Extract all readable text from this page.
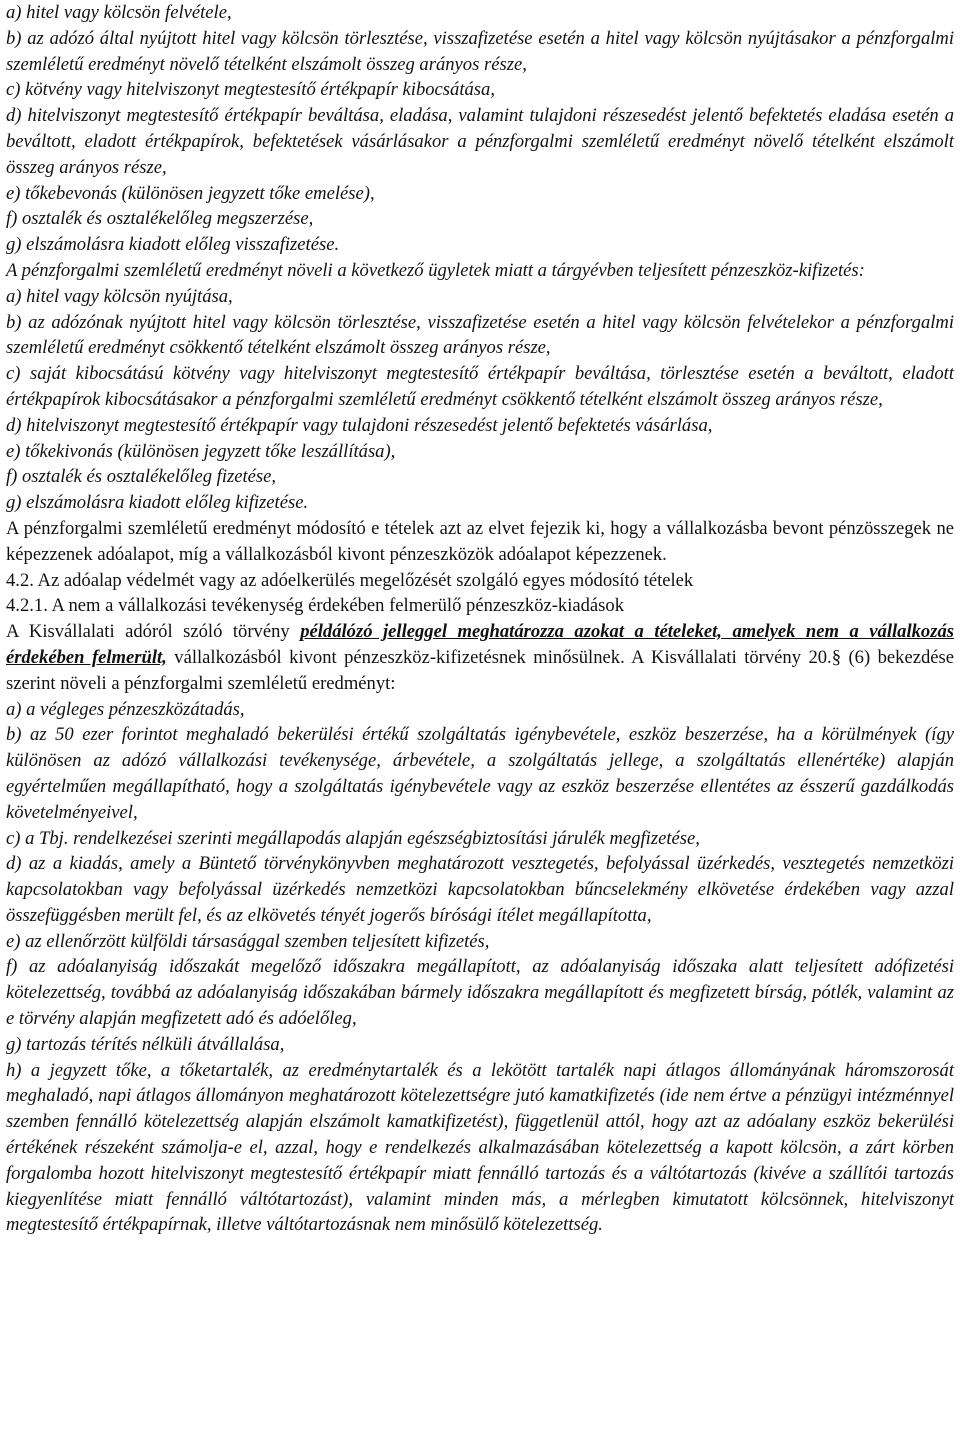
a) hitel vagy kölcsön felvétele,
b) az adózó által nyújtott hitel vagy kölcsön törlesztése, visszafizetése esetén a hitel vagy kölcsön nyújtásakor a pénzforgalmi szemléletű eredményt növelő tételként elszámolt összeg arányos része,
c) kötvény vagy hitelviszonyt megtestesítő értékpapír kibocsátása,
d) hitelviszonyt megtestesítő értékpapír beváltása, eladása, valamint tulajdoni részesedést jelentő befektetés eladása esetén a beváltott, eladott értékpapírok, befektetések vásárlásakor a pénzforgalmi szemléletű eredményt növelő tételként elszámolt összeg arányos része,
e) tőkebevonás (különösen jegyzett tőke emelése),
f) osztalék és osztalékelőleg megszerzése,
g) elszámolásra kiadott előleg visszafizetése.
A pénzforgalmi szemléletű eredményt növeli a következő ügyletek miatt a tárgyévben teljesített pénzeszköz-kifizetés:
a) hitel vagy kölcsön nyújtása,
b) az adózónak nyújtott hitel vagy kölcsön törlesztése, visszafizetése esetén a hitel vagy kölcsön felvételekor a pénzforgalmi szemléletű eredményt csökkentő tételként elszámolt összeg arányos része,
c) saját kibocsátású kötvény vagy hitelviszonyt megtestesítő értékpapír beváltása, törlesztése esetén a beváltott, eladott értékpapírok kibocsátásakor a pénzforgalmi szemléletű eredményt csökkentő tételként elszámolt összeg arányos része,
d) hitelviszonyt megtestesítő értékpapír vagy tulajdoni részesedést jelentő befektetés vásárlása,
e) tőkekivonás (különösen jegyzett tőke leszállítása),
f) osztalék és osztalékelőleg fizetése,
g) elszámolásra kiadott előleg kifizetése.
A pénzforgalmi szemléletű eredményt módosító e tételek azt az elvet fejezik ki, hogy a vállalkozásba bevont pénzösszegek ne képezzenek adóalapot, míg a vállalkozásból kivont pénzeszközök adóalapot képezzenek.
4.2. Az adóalap védelmét vagy az adóelkerülés megelőzését szolgáló egyes módosító tételek
4.2.1. A nem a vállalkozási tevékenység érdekében felmerülő pénzeszköz-kiadások
A Kisvállalati adóról szóló törvény példálózó jelleggel meghatározza azokat a tételeket, amelyek nem a vállalkozás érdekében felmerült, vállalkozásból kivont pénzeszköz-kifizetésnek minősülnek. A Kisvállalati törvény 20.§ (6) bekezdése szerint növeli a pénzforgalmi szemléletű eredményt:
a) a végleges pénzeszközátadás,
b) az 50 ezer forintot meghaladó bekerülési értékű szolgáltatás igénybevétele, eszköz beszerzése, ha a körülmények (így különösen az adózó vállalkozási tevékenysége, árbevétele, a szolgáltatás jellege, a szolgáltatás ellenértéke) alapján egyértelműen megállapítható, hogy a szolgáltatás igénybevétele vagy az eszköz beszerzése ellentétes az ésszerű gazdálkodás követelményeivel,
c) a Tbj. rendelkezései szerinti megállapodás alapján egészségbiztosítási járulék megfizetése,
d) az a kiadás, amely a Büntető törvénykönyvben meghatározott vesztegetés, befolyással üzérkedés, vesztegetés nemzetközi kapcsolatokban vagy befolyással üzérkedés nemzetközi kapcsolatokban bűncselekmény elkövetése érdekében vagy azzal összefüggésben merült fel, és az elkövetés tényét jogerős bírósági ítélet megállapította,
e) az ellenőrzött külföldi társasággal szemben teljesített kifizetés,
f) az adóalanyiság időszakát megelőző időszakra megállapított, az adóalanyiság időszaka alatt teljesített adófizetési kötelezettség, továbbá az adóalanyiság időszakában bármely időszakra megállapított és megfizetett bírság, pótlék, valamint az e törvény alapján megfizetett adó és adóelőleg,
g) tartozás térítés nélküli átvállalása,
h) a jegyzett tőke, a tőketartalék, az eredménytartalék és a lekötött tartalék napi átlagos állományának háromszorosát meghaladó, napi átlagos állományon meghatározott kötelezettségre jutó kamatkifizetés (ide nem értve a pénzügyi intézménnyel szemben fennálló kötelezettség alapján elszámolt kamatkifizetést), függetlenül attól, hogy azt az adóalany eszköz bekerülési értékének részeként számolja-e el, azzal, hogy e rendelkezés alkalmazásában kötelezettség a kapott kölcsön, a zárt körben forgalomba hozott hitelviszonyt megtestesítő értékpapír miatt fennálló tartozás és a váltótartozás (kivéve a szállítói tartozás kiegyenlítése miatt fennálló váltótartozást), valamint minden más, a mérlegben kimutatott kölcsönnek, hitelviszonyt megtestesítő értékpapírnak, illetve váltótartozásnak nem minősülő kötelezettség.
